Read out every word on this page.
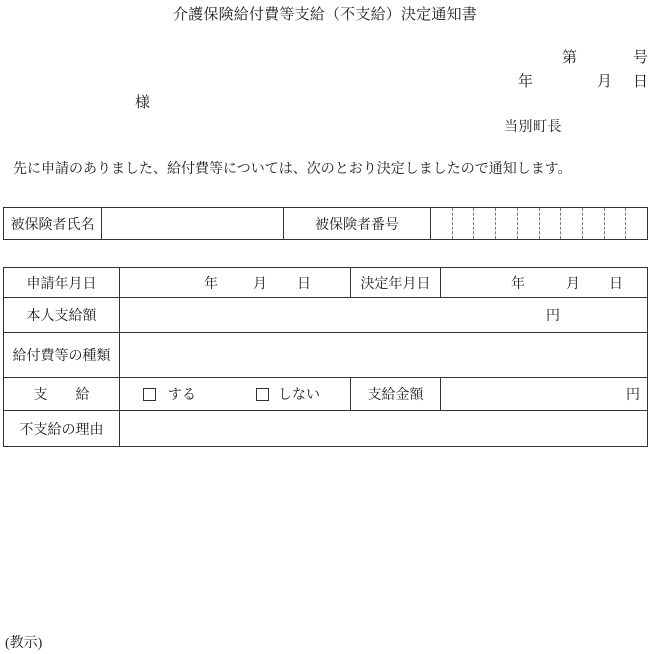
介護保険給付費等支給（不支給）決定通知書
第	号
年	月 日
様
当別町長
先に申請のありました、給付費等については、次のとおり決定しましたので通知します。
被保険者氏名	被保険者番号
申請年月日	年	月 日	決定年月日	年	月 日
本人支給額	円
給付費等の種類
支　　給	する	しない	支給金額	円
不支給の理由
(教示)
